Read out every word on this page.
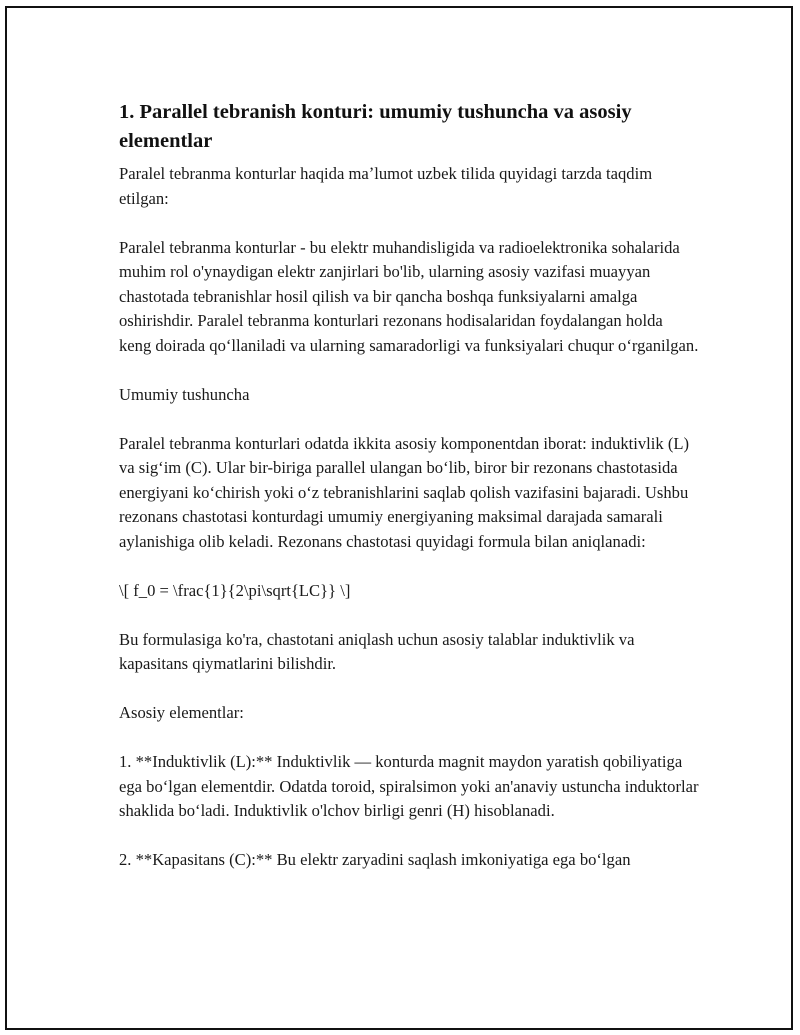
1. Parallel tebranish konturi: umumiy tushuncha va asosiy elementlar

Paralel tebranma konturlar haqida maʼlumot uzbek tilida quyidagi tarzda taqdim etilgan:

Paralel tebranma konturlar - bu elektr muhandisligida va radioelektronika sohalarida muhim rol o'ynaydigan elektr zanjirlari bo'lib, ularning asosiy vazifasi muayyan chastotada tebranishlar hosil qilish va bir qancha boshqa funksiyalarni amalga oshirishdir. Paralel tebranma konturlari rezonans hodisalaridan foydalangan holda keng doirada qoʻllaniladi va ularning samaradorligi va funksiyalari chuqur oʻrganilgan.

Umumiy tushuncha

Paralel tebranma konturlari odatda ikkita asosiy komponentdan iborat: induktivlik (L) va sigʻim (C). Ular bir-biriga parallel ulangan boʻlib, biror bir rezonans chastotasida energiyani koʻchirish yoki oʻz tebranishlarini saqlab qolish vazifasini bajaradi. Ushbu rezonans chastotasi konturdagi umumiy energiyaning maksimal darajada samarali aylanishiga olib keladi. Rezonans chastotasi quyidagi formula bilan aniqlanadi:

\[ f_0 = \frac{1}{2\pi\sqrt{LC}} \]

Bu formulasiga ko'ra, chastotani aniqlash uchun asosiy talablar induktivlik va kapasitans qiymatlarini bilishdir.

Asosiy elementlar:

1. **Induktivlik (L):** Induktivlik — konturda magnit maydon yaratish qobiliyatiga ega boʻlgan elementdir. Odatda toroid, spiralsimon yoki an'anaviy ustuncha induktorlar shaklida boʻladi. Induktivlik o'lchov birligi genri (H) hisoblanadi.

2. **Kapasitans (C):** Bu elektr zaryadini saqlash imkoniyatiga ega boʻlgan
